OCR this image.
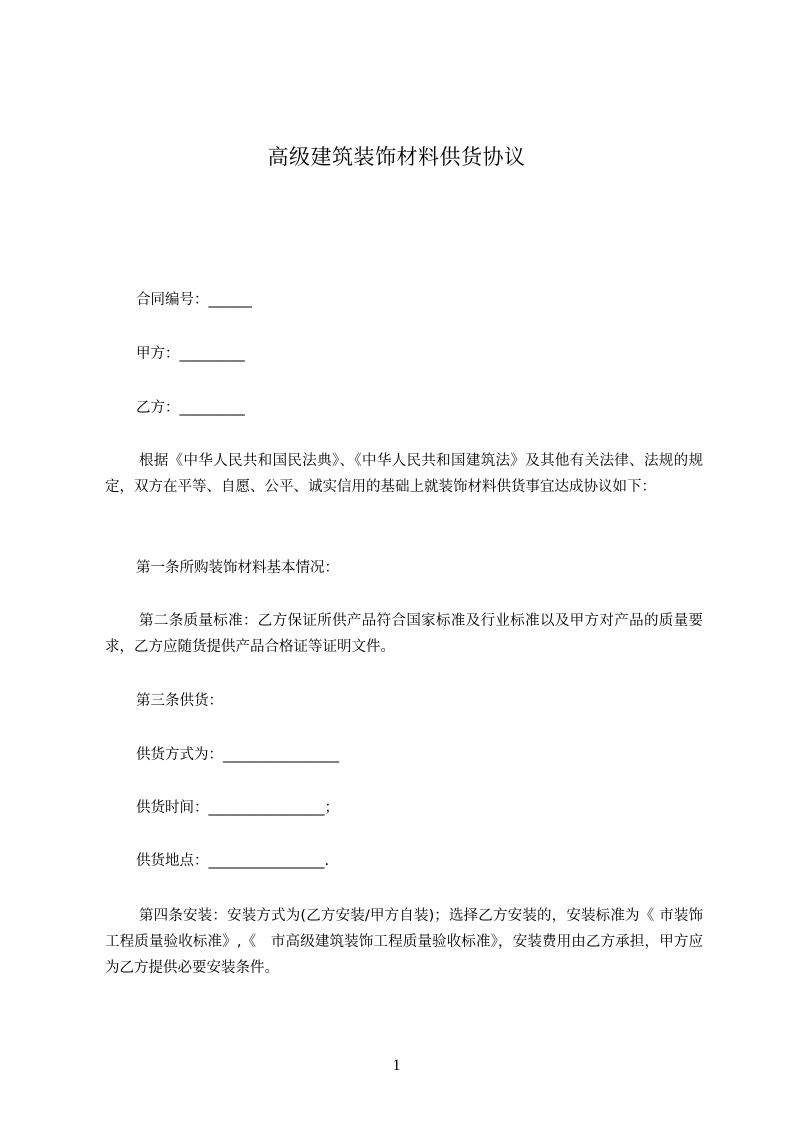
高级建筑装饰材料供货协议
合同编号：______
甲方：_________
乙方：_________
根据《中华人民共和国民法典》、《中华人民共和国建筑法》及其他有关法律、法规的规定，双方在平等、自愿、公平、诚实信用的基础上就装饰材料供货事宜达成协议如下：
第一条所购装饰材料基本情况：
第二条质量标准：乙方保证所供产品符合国家标准及行业标准以及甲方对产品的质量要求，乙方应随货提供产品合格证等证明文件。
第三条供货：
供货方式为：________________
供货时间：________________；
供货地点：________________.
第四条安装：安装方式为(乙方安装/甲方自装)；选择乙方安装的，安装标准为《 市装饰工程质量验收标准》,《　市高级建筑装饰工程质量验收标准》，安装费用由乙方承担，甲方应为乙方提供必要安装条件。
1
